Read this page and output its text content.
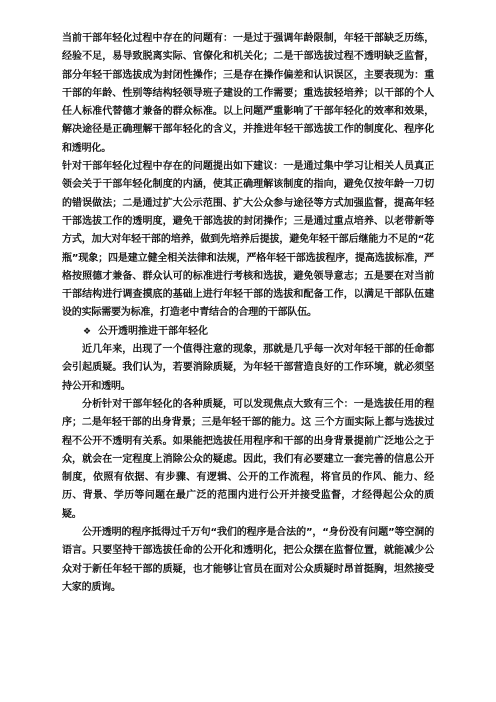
当前干部年轻化过程中存在的问题有：一是过于强调年龄限制，年轻干部缺乏历练，经验不足，易导致脱离实际、官僚化和机关化；二是干部选拔过程不透明缺乏监督，部分年轻干部选拔成为封闭性操作；三是存在操作偏差和认识误区，主要表现为：重干部的年龄、性别等结构轻领导班子建设的工作需要；重选拔轻培养；以干部的个人任人标准代替德才兼备的群众标准。以上问题严重影响了干部年轻化的效率和效果，解决途径是正确理解干部年轻化的含义，并推进年轻干部选拔工作的制度化、程序化和透明化。

针对干部年轻化过程中存在的问题提出如下建议：一是通过集中学习让相关人员真正领会关于干部年轻化制度的内涵，使其正确理解该制度的指向，避免仅按年龄一刀切的错误做法；二是通过扩大公示范围、扩大公众参与途径等方式加强监督，提高年轻干部选拔工作的透明度，避免干部选拔的封闭操作；三是通过重点培养、以老带新等方式，加大对年轻干部的培养，做到先培养后提拔，避免年轻干部后继能力不足的“花瓶”现象；四是建立健全相关法律和法规，严格年轻干部选拔程序，提高选拔标准，严格按照德才兼备、群众认可的标准进行考核和选拔，避免领导意志；五是要在对当前干部结构进行调查摸底的基础上进行年轻干部的选拔和配备工作，以满足干部队伍建设的实际需要为标准，打造老中青结合的合理的干部队伍。

❖ 公开透明推进干部年轻化

近几年来，出现了一个值得注意的现象，那就是几乎每一次对年轻干部的任命都会引起质疑。我们认为，若要消除质疑，为年轻干部营造良好的工作环境，就必须坚持公开和透明。

分析针对干部年轻化的各种质疑，可以发现焦点大致有三个：一是选拔任用的程序；二是年轻干部的出身背景；三是年轻干部的能力。这 三个方面实际上都与选拔过程不公开不透明有关系。如果能把选拔任用程序和干部的出身背景提前广泛地公之于众，就会在一定程度上消除公众的疑虑。因此，我们有必要建立一套完善的信息公开制度，依照有依据、有步骤、有逻辑、公开的工作流程，将官员的作风、能力、经历、背景、学历等问题在最广泛的范围内进行公开并接受监督，才经得起公众的质疑。

公开透明的程序抵得过千万句“我们的程序是合法的”，“身份没有问题”等空洞的语言。只要坚持干部选拔任命的公开化和透明化，把公众摆在监督位置，就能减少公众对于新任年轻干部的质疑，也才能够让官员在面对公众质疑时昂首挺胸，坦然接受大家的质询。
